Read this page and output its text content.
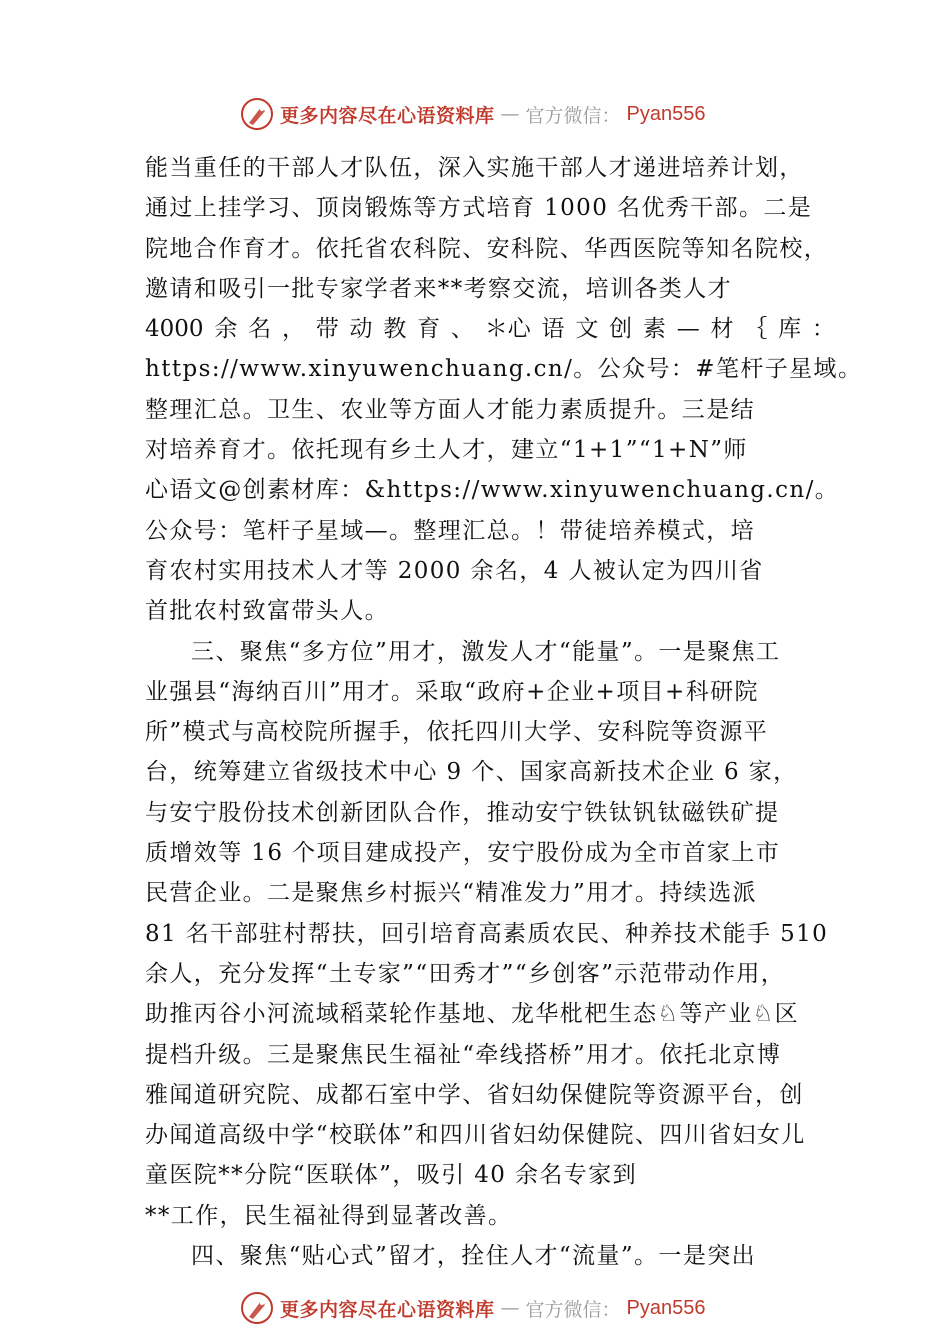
更多内容尽在心语资料库 — 官方微信： Pyan556
能当重任的干部人才队伍，深入实施干部人才递进培养计划，
通过上挂学习、顶岗锻炼等方式培育 1000 名优秀干部。二是
院地合作育才。依托省农科院、安科院、华西医院等知名院校，
邀请和吸引一批专家学者来**考察交流，培训各类人才
4000 余 名 ， 带 动 教 育 、 ＊心 语 文 创 素 — 材 ｛ 库 ：
https://www.xinyuwenchuang.cn/。公众号：#笔杆子星域。
整理汇总。卫生、农业等方面人才能力素质提升。三是结
对培养育才。依托现有乡土人才，建立“1+1”“1+N”师
心语文@创素材库：&https://www.xinyuwenchuang.cn/。
公众号：笔杆子星域—。整理汇总。！带徒培养模式，培
育农村实用技术人才等 2000 余名，4 人被认定为四川省
首批农村致富带头人。
三、聚焦“多方位”用才，激发人才“能量”。一是聚焦工
业强县“海纳百川”用才。采取“政府+企业+项目+科研院
所”模式与高校院所握手，依托四川大学、安科院等资源平
台，统筹建立省级技术中心 9 个、国家高新技术企业 6 家，
与安宁股份技术创新团队合作，推动安宁铁钛钒钛磁铁矿提
质增效等 16 个项目建成投产，安宁股份成为全市首家上市
民营企业。二是聚焦乡村振兴“精准发力”用才。持续选派
81 名干部驻村帮扶，回引培育高素质农民、种养技术能手 510
余人，充分发挥“土专家”“田秀才”“乡创客”示范带动作用，
助推丙谷小河流域稻菜轮作基地、龙华枇杷生态♘等产业♘区
提档升级。三是聚焦民生福祉“牵线搭桥”用才。依托北京博
雅闻道研究院、成都石室中学、省妇幼保健院等资源平台，创
办闻道高级中学“校联体”和四川省妇幼保健院、四川省妇女儿
童医院**分院“医联体”，吸引 40 余名专家到
**工作，民生福祉得到显著改善。
四、聚焦“贴心式”留才，拴住人才“流量”。一是突出
更多内容尽在心语资料库 — 官方微信： Pyan556
